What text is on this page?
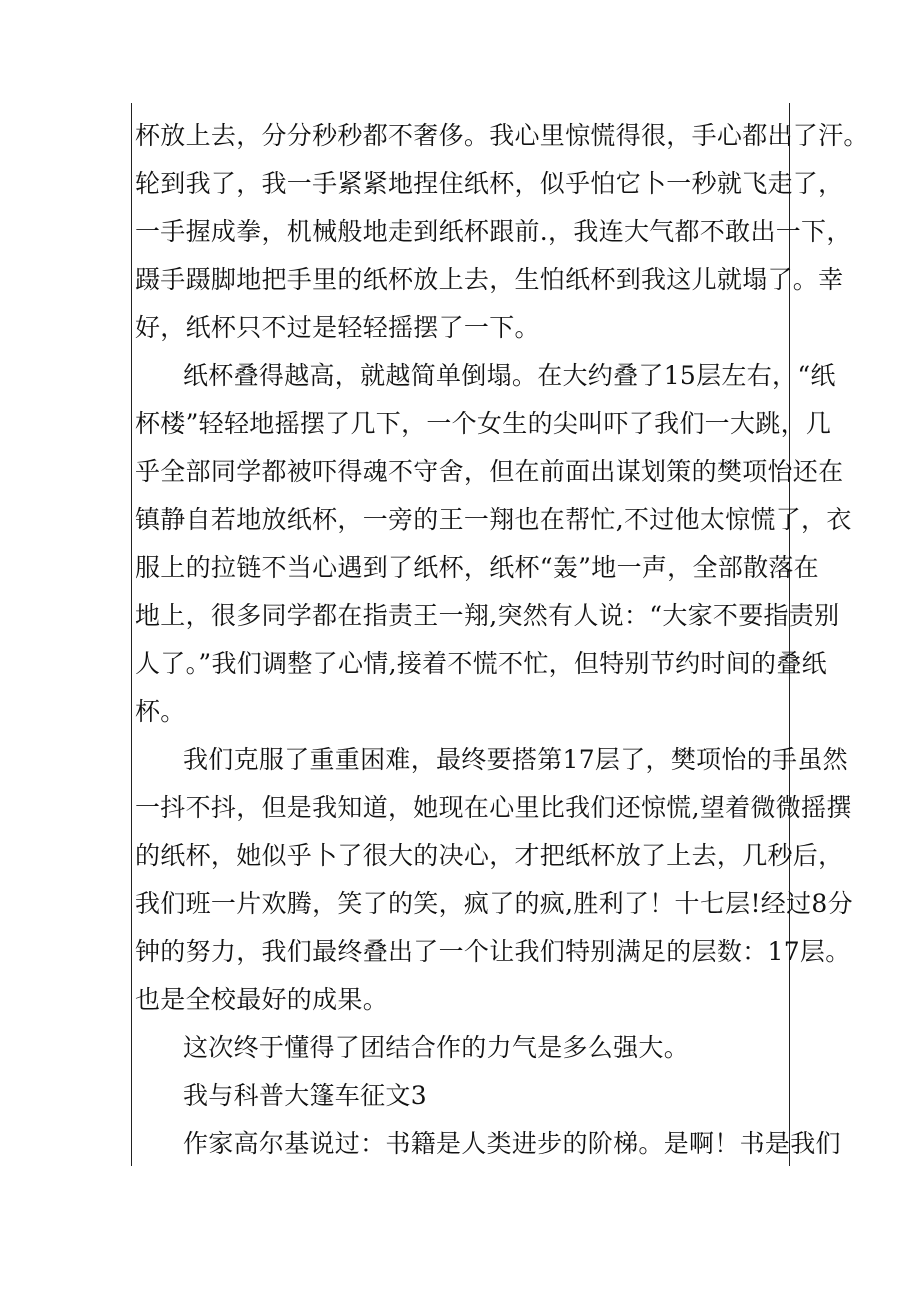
杯放上去，分分秒秒都不奢侈。我心里惊慌得很，手心都出了汗。
轮到我了，我一手紧紧地捏住纸杯，似乎怕它卜一秒就飞走了，
一手握成拳，机械般地走到纸杯跟前.，我连大气都不敢出一下，
蹑手蹑脚地把手里的纸杯放上去，生怕纸杯到我这儿就塌了。幸
好，纸杯只不过是轻轻摇摆了一下。
纸杯叠得越高，就越简单倒塌。在大约叠了15层左右，“纸
杯楼”轻轻地摇摆了几下，一个女生的尖叫吓了我们一大跳，几
乎全部同学都被吓得魂不守舍，但在前面出谋划策的樊项怡还在
镇静自若地放纸杯，一旁的王一翔也在帮忙,不过他太惊慌了，衣
服上的拉链不当心遇到了纸杯，纸杯“轰”地一声，全部散落在
地上，很多同学都在指责王一翔,突然有人说：“大家不要指责别
人了。”我们调整了心情,接着不慌不忙，但特别节约时间的叠纸
杯。
我们克服了重重困难，最终要搭第17层了，樊项怡的手虽然
一抖不抖，但是我知道，她现在心里比我们还惊慌,望着微微摇撰
的纸杯，她似乎卜了很大的决心，才把纸杯放了上去，几秒后，
我们班一片欢腾，笑了的笑，疯了的疯,胜利了！十七层!经过8分
钟的努力，我们最终叠出了一个让我们特别满足的层数：17层。
也是全校最好的成果。
这次终于懂得了团结合作的力气是多么强大。
我与科普大篷车征文3
作家高尔基说过：书籍是人类进步的阶梯。是啊！书是我们
